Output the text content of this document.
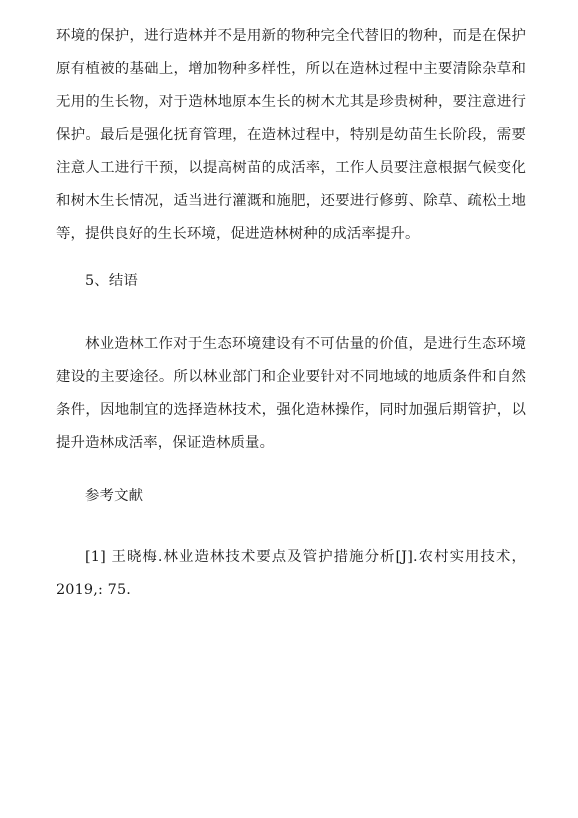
环境的保护，进行造林并不是用新的物种完全代替旧的物种，而是在保护原有植被的基础上，增加物种多样性，所以在造林过程中主要清除杂草和无用的生长物，对于造林地原本生长的树木尤其是珍贵树种，要注意进行保护。最后是强化抚育管理，在造林过程中，特别是幼苗生长阶段，需要注意人工进行干预，以提高树苗的成活率，工作人员要注意根据气候变化和树木生长情况，适当进行灌溉和施肥，还要进行修剪、除草、疏松土地等，提供良好的生长环境，促进造林树种的成活率提升。

5、结语

林业造林工作对于生态环境建设有不可估量的价值，是进行生态环境建设的主要途径。所以林业部门和企业要针对不同地域的地质条件和自然条件，因地制宜的选择造林技术，强化造林操作，同时加强后期管护，以提升造林成活率，保证造林质量。

参考文献

[1] 王晓梅.林业造林技术要点及管护措施分析[J].农村实用技术，2019,: 75.
